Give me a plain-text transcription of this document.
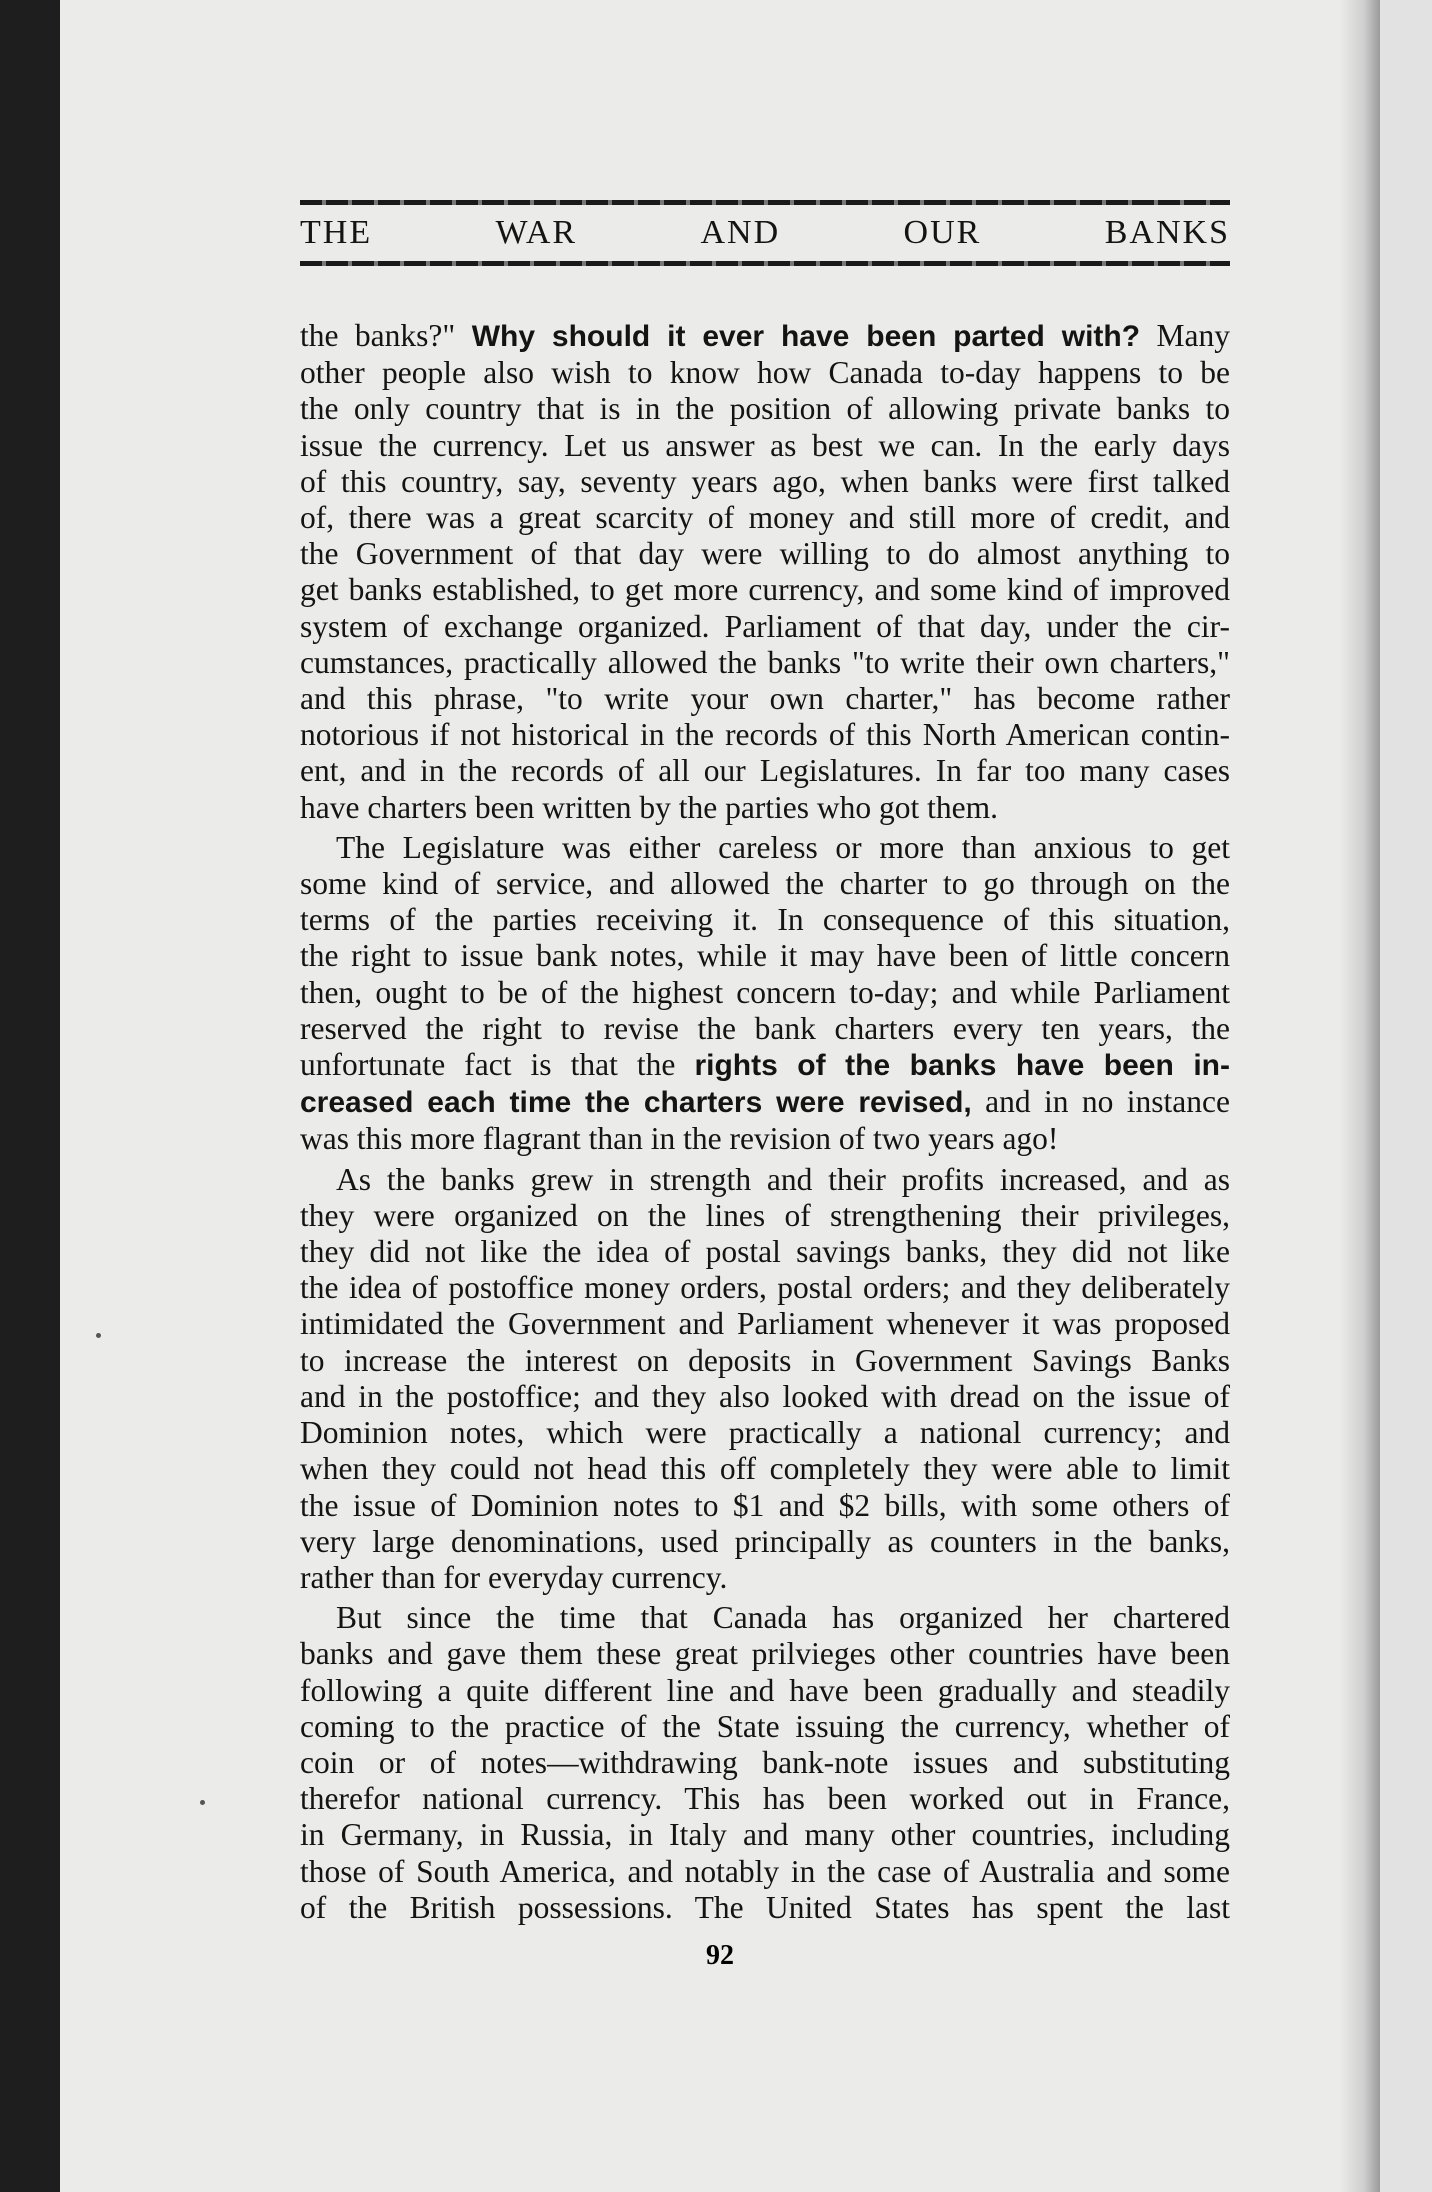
THE	WAR	AND	OUR	BANKS
the banks?" Why should it ever have been parted with? Many
other people also wish to know how Canada to-day happens to be
the only country that is in the position of allowing private banks to
issue the currency. Let us answer as best we can. In the early days
of this country, say, seventy years ago, when banks were first talked
of, there was a great scarcity of money and still more of credit, and
the Government of that day were willing to do almost anything to
get banks established, to get more currency, and some kind of improved
system of exchange organized. Parliament of that day, under the cir-
cumstances, practically allowed the banks "to write their own charters,"
and this phrase, "to write your own charter," has become rather
notorious if not historical in the records of this North American contin-
ent, and in the records of all our Legislatures. In far too many cases
have charters been written by the parties who got them.
The Legislature was either careless or more than anxious to get
some kind of service, and allowed the charter to go through on the
terms of the parties receiving it. In consequence of this situation,
the right to issue bank notes, while it may have been of little concern
then, ought to be of the highest concern to-day; and while Parliament
reserved the right to revise the bank charters every ten years, the
unfortunate fact is that the rights of the banks have been in-
creased each time the charters were revised, and in no instance
was this more flagrant than in the revision of two years ago!
As the banks grew in strength and their profits increased, and as
they were organized on the lines of strengthening their privileges,
they did not like the idea of postal savings banks, they did not like
the idea of postoffice money orders, postal orders; and they deliberately
intimidated the Government and Parliament whenever it was proposed
to increase the interest on deposits in Government Savings Banks
and in the postoffice; and they also looked with dread on the issue of
Dominion notes, which were practically a national currency; and
when they could not head this off completely they were able to limit
the issue of Dominion notes to $1 and $2 bills, with some others of
very large denominations, used principally as counters in the banks,
rather than for everyday currency.
But since the time that Canada has organized her chartered
banks and gave them these great prilvieges other countries have been
following a quite different line and have been gradually and steadily
coming to the practice of the State issuing the currency, whether of
coin or of notes—withdrawing bank-note issues and substituting
therefor national currency. This has been worked out in France,
in Germany, in Russia, in Italy and many other countries, including
those of South America, and notably in the case of Australia and some
of the British possessions. The United States has spent the last
92
